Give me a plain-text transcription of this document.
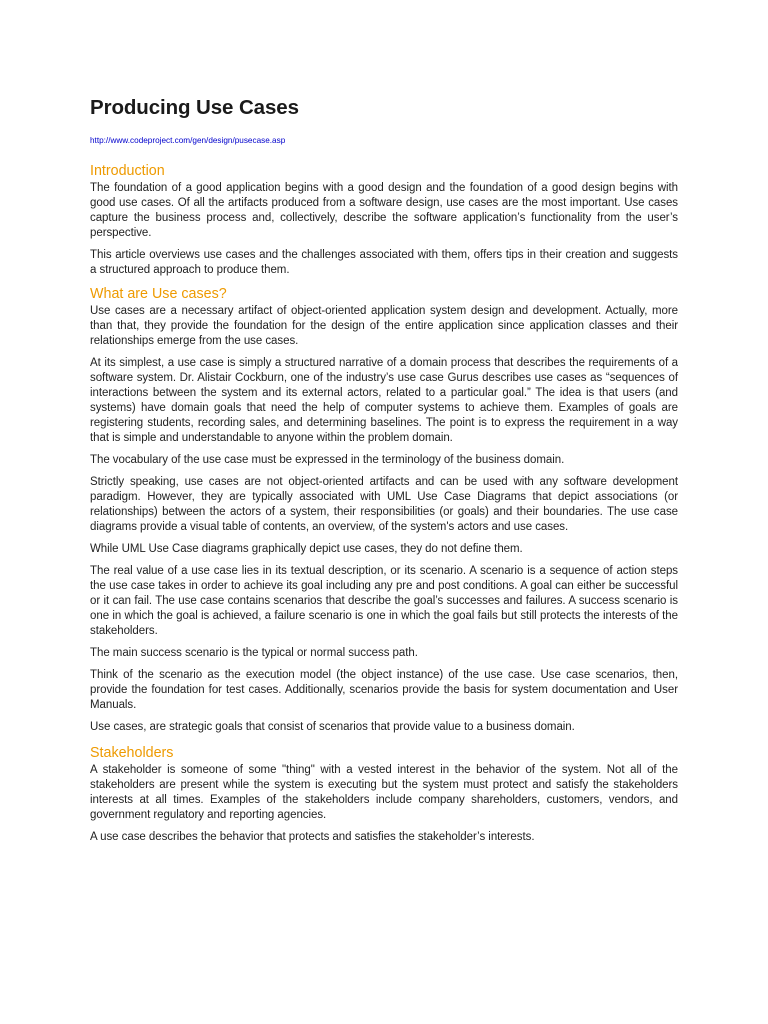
Producing Use Cases
http://www.codeproject.com/gen/design/pusecase.asp
Introduction

The foundation of a good application begins with a good design and the foundation of a good design begins with good use cases. Of all the artifacts produced from a software design, use cases are the most important. Use cases capture the business process and, collectively, describe the software application’s functionality from the user’s perspective.

This article overviews use cases and the challenges associated with them, offers tips in their creation and suggests a structured approach to produce them.

What are Use cases?

Use cases are a necessary artifact of object-oriented application system design and development. Actually, more than that, they provide the foundation for the design of the entire application since application classes and their relationships emerge from the use cases.

At its simplest, a use case is simply a structured narrative of a domain process that describes the requirements of a software system. Dr. Alistair Cockburn, one of the industry’s use case Gurus describes use cases as “sequences of interactions between the system and its external actors, related to a particular goal.” The idea is that users (and systems) have domain goals that need the help of computer systems to achieve them. Examples of goals are registering students, recording sales, and determining baselines. The point is to express the requirement in a way that is simple and understandable to anyone within the problem domain.

The vocabulary of the use case must be expressed in the terminology of the business domain.

Strictly speaking, use cases are not object-oriented artifacts and can be used with any software development paradigm. However, they are typically associated with UML Use Case Diagrams that depict associations (or relationships) between the actors of a system, their responsibilities (or goals) and their boundaries. The use case diagrams provide a visual table of contents, an overview, of the system's actors and use cases.

While UML Use Case diagrams graphically depict use cases, they do not define them.

The real value of a use case lies in its textual description, or its scenario. A scenario is a sequence of action steps the use case takes in order to achieve its goal including any pre and post conditions. A goal can either be successful or it can fail. The use case contains scenarios that describe the goal’s successes and failures. A success scenario is one in which the goal is achieved, a failure scenario is one in which the goal fails but still protects the interests of the stakeholders.

The main success scenario is the typical or normal success path.

Think of the scenario as the execution model (the object instance) of the use case. Use case scenarios, then, provide the foundation for test cases. Additionally, scenarios provide the basis for system documentation and User Manuals.

Use cases, are strategic goals that consist of scenarios that provide value to a business domain.

Stakeholders

A stakeholder is someone of some "thing" with a vested interest in the behavior of the system. Not all of the stakeholders are present while the system is executing but the system must protect and satisfy the stakeholders interests at all times. Examples of the stakeholders include company shareholders, customers, vendors, and government regulatory and reporting agencies.

A use case describes the behavior that protects and satisfies the stakeholder’s interests.
